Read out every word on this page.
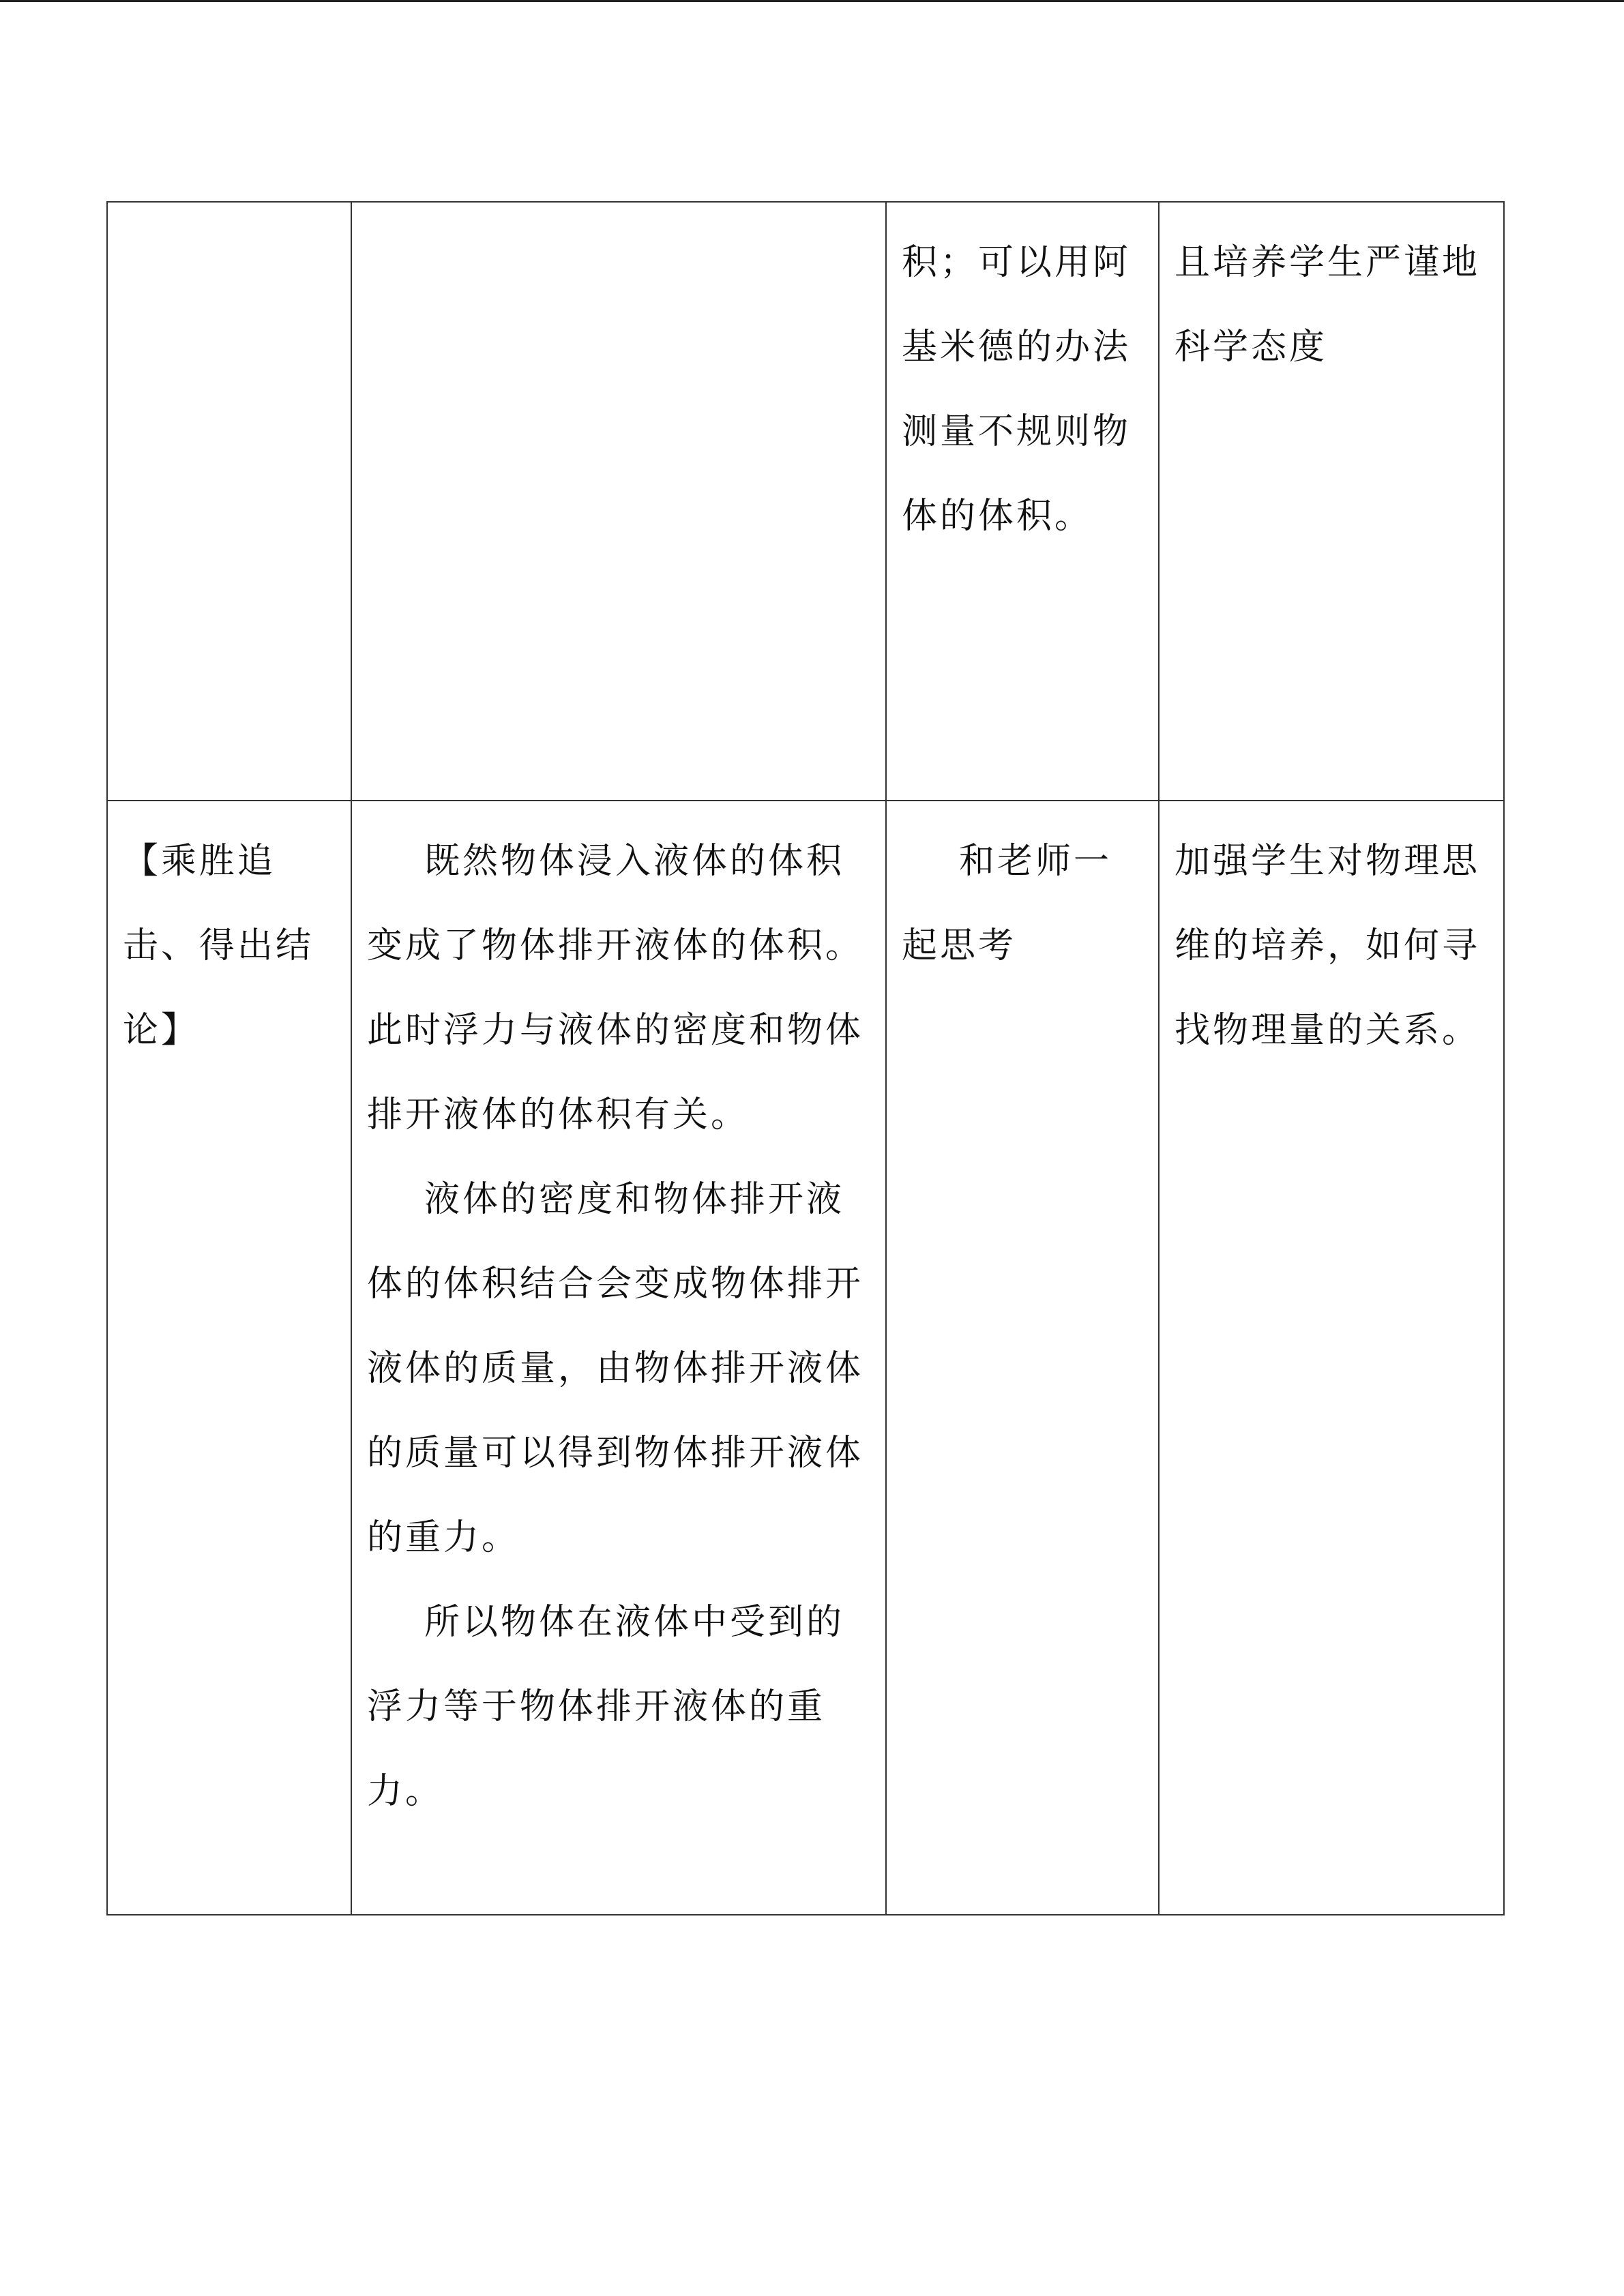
		积；可以用阿基米德的办法测量不规则物体的体积。	且培养学生严谨地科学态度

【乘胜追击、得出结论】	既然物体浸入液体的体积变成了物体排开液体的体积。此时浮力与液体的密度和物体排开液体的体积有关。

液体的密度和物体排开液体的体积结合会变成物体排开液体的质量，由物体排开液体的质量可以得到物体排开液体的重力。

所以物体在液体中受到的浮力等于物体排开液体的重力。	和老师一起思考	加强学生对物理思维的培养，如何寻找物理量的关系。
